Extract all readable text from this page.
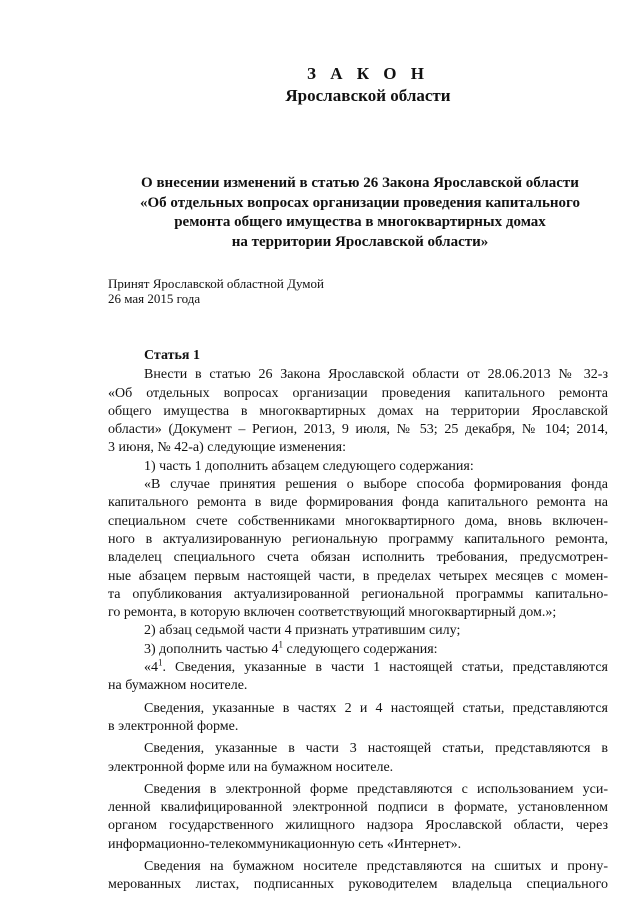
З А К О Н
Ярославской области
О внесении изменений в статью 26 Закона Ярославской области
«Об отдельных вопросах организации проведения капитального
ремонта общего имущества в многоквартирных домах
на территории Ярославской области»
Принят Ярославской областной Думой
26 мая 2015 года
Статья 1
Внести в статью 26 Закона Ярославской области от 28.06.2013 № 32-з
«Об отдельных вопросах организации проведения капитального ремонта
общего имущества в многоквартирных домах на территории Ярославской
области» (Документ – Регион, 2013, 9 июля, № 53; 25 декабря, № 104; 2014,
3 июня, № 42-а) следующие изменения:
1) часть 1 дополнить абзацем следующего содержания:
«В случае принятия решения о выборе способа формирования фонда
капитального ремонта в виде формирования фонда капитального ремонта на
специальном счете собственниками многоквартирного дома, вновь включен-
ного в актуализированную региональную программу капитального ремонта,
владелец специального счета обязан исполнить требования, предусмотрен-
ные абзацем первым настоящей части, в пределах четырех месяцев с момен-
та опубликования актуализированной региональной программы капитально-
го ремонта, в которую включен соответствующий многоквартирный дом.»;
2) абзац седьмой части 4 признать утратившим силу;
3) дополнить частью $4^1$ следующего содержания:
«$4^1$. Сведения, указанные в части 1 настоящей статьи, представляются
на бумажном носителе.
Сведения, указанные в частях 2 и 4 настоящей статьи, представляются
в электронной форме.
Сведения, указанные в части 3 настоящей статьи, представляются в
электронной форме или на бумажном носителе.
Сведения в электронной форме представляются с использованием уси-
ленной квалифицированной электронной подписи в формате, установленном
органом государственного жилищного надзора Ярославской области, через
информационно-телекоммуникационную сеть «Интернет».
Сведения на бумажном носителе представляются на сшитых и прону-
мерованных листах, подписанных руководителем владельца специального
